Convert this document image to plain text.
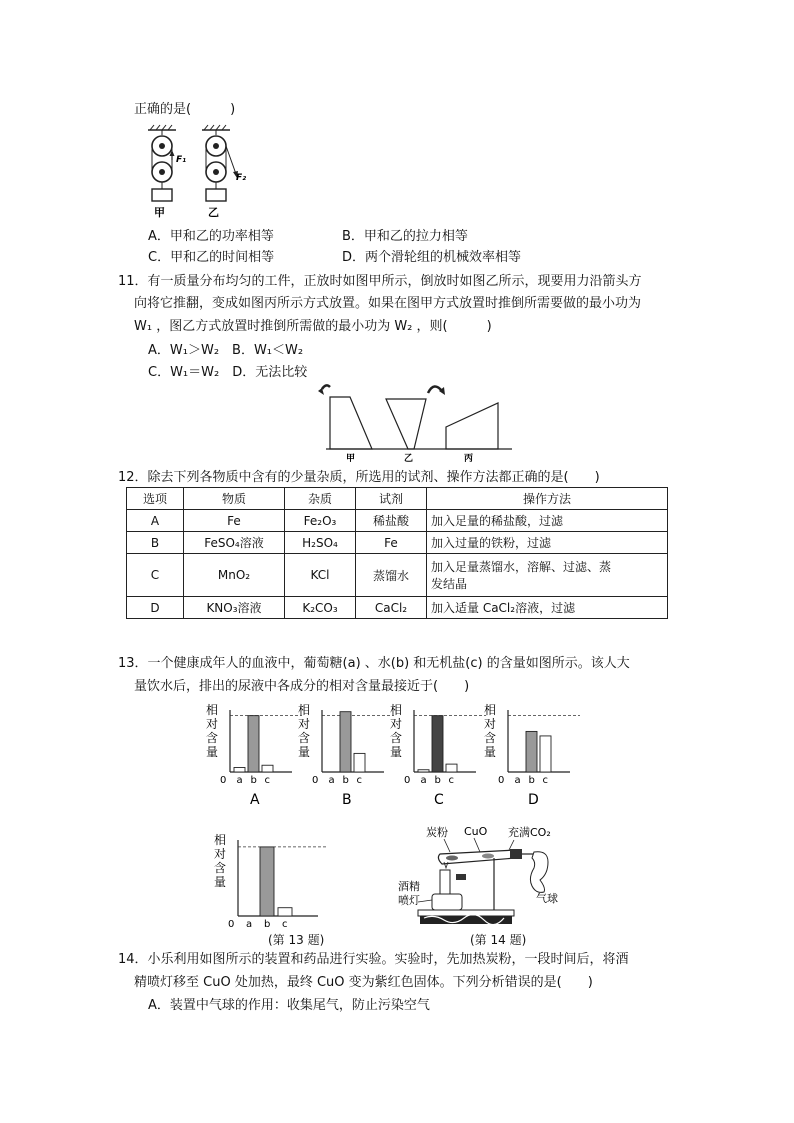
正确的是(　　　)
F₁
甲
F₂
乙
A．甲和乙的功率相等	B．甲和乙的拉力相等
C．甲和乙的时间相等	D．两个滑轮组的机械效率相等
11．有一质量分布均匀的工件，正放时如图甲所示，倒放时如图乙所示，现要用力沿箭头方
向将它推翻，变成如图丙所示方式放置。如果在图甲方式放置时推倒所需要做的最小功为
W₁ ，图乙方式放置时推倒所需做的最小功为 W₂ ，则(　　　)
A．W₁＞W₂　B．W₁＜W₂
C．W₁＝W₂　D．无法比较
甲	乙	丙
12．除去下列各物质中含有的少量杂质，所选用的试剂、操作方法都正确的是(　　)
选项	物质	杂质	试剂	操作方法
A	Fe	Fe₂O₃	稀盐酸	加入足量的稀盐酸，过滤
B	FeSO₄溶液	H₂SO₄	Fe	加入过量的铁粉，过滤
C	MnO₂	KCl	蒸馏水	加入足量蒸馏水，溶解、过滤、蒸
发结晶

D	KNO₃溶液	K₂CO₃	CaCl₂	加入适量 CaCl₂溶液，过滤
13．一个健康成年人的血液中，葡萄糖(a) 、水(b) 和无机盐(c) 的含量如图所示。该人大
量饮水后，排出的尿液中各成分的相对含量最接近于(　　)
相
对
含
量
a b c
0
A
相
对
含
量
a b c
0
B
相
对
含
量
a b c
0
C
相
对
含
量
a b c
0
D
相
对
含
量
a b c
0
(第 13 题)
炭粉 CuO 充满CO₂
气球
酒精
喷灯
(第 14 题)
14．小乐利用如图所示的装置和药品进行实验。实验时，先加热炭粉，一段时间后，将酒
精喷灯移至 CuO 处加热，最终 CuO 变为紫红色固体。下列分析错误的是(　　)
A．装置中气球的作用：收集尾气，防止污染空气
